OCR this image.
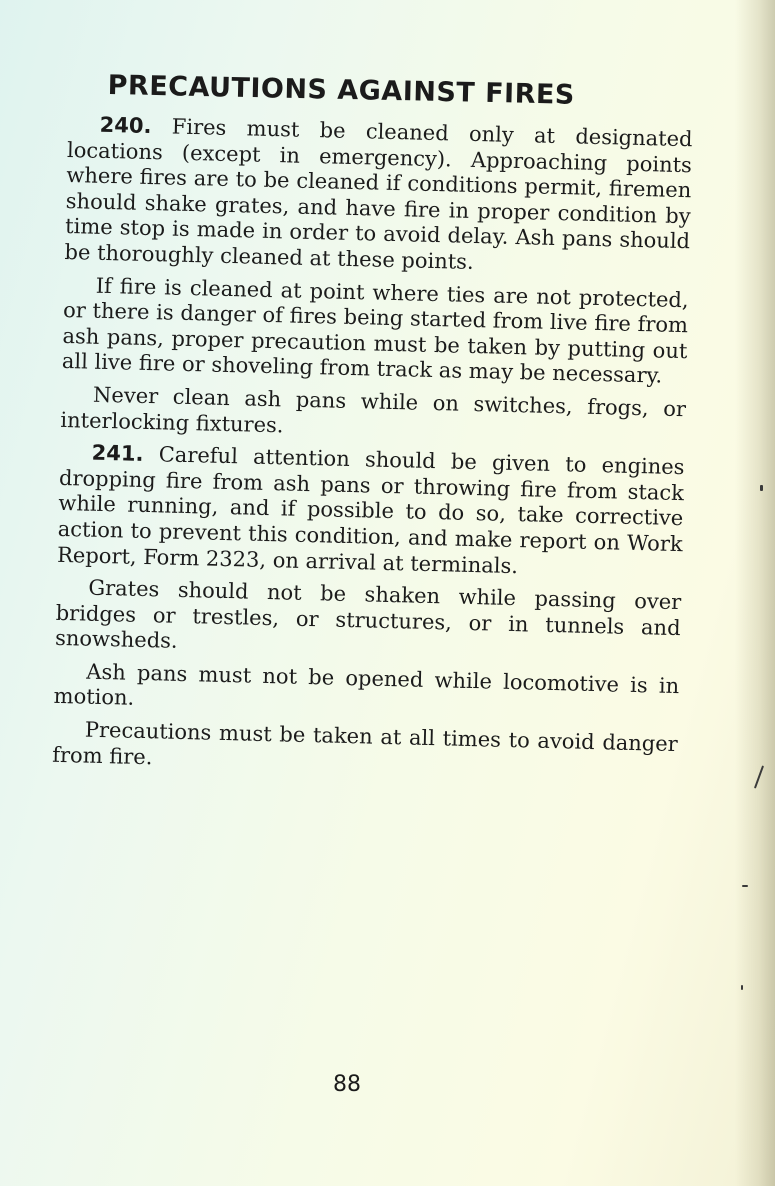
PRECAUTIONS AGAINST FIRES

240. Fires must be cleaned only at designated locations (except in emergency). Approaching points where fires are to be cleaned if conditions permit, firemen should shake grates, and have fire in proper condition by time stop is made in order to avoid delay. Ash pans should be thoroughly cleaned at these points.

If fire is cleaned at point where ties are not protected, or there is danger of fires being started from live fire from ash pans, proper precaution must be taken by putting out all live fire or shoveling from track as may be necessary.

Never clean ash pans while on switches, frogs, or interlocking fixtures.

241. Careful attention should be given to engines dropping fire from ash pans or throwing fire from stack while running, and if possible to do so, take corrective action to prevent this condition, and make report on Work Report, Form 2323, on arrival at terminals.

Grates should not be shaken while passing over bridges or trestles, or structures, or in tunnels and snowsheds.

Ash pans must not be opened while locomotive is in motion.

Precautions must be taken at all times to avoid danger from fire.

88
